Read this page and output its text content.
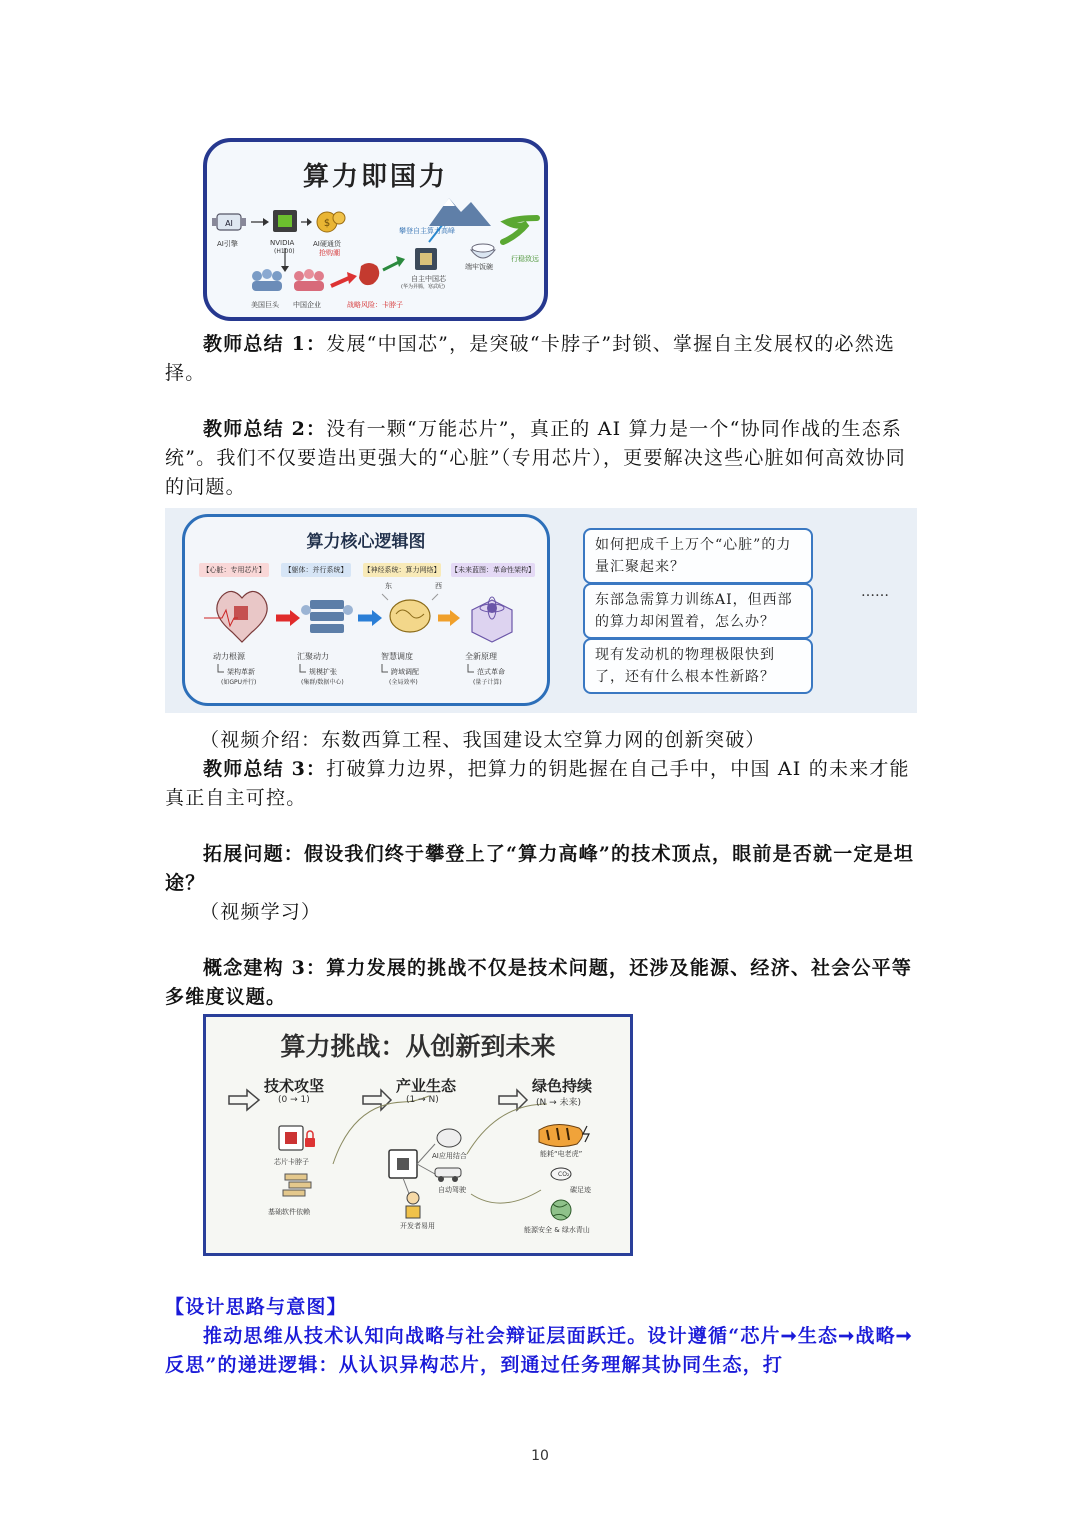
算力即国力
AI	$
AI引擎	NVIDIA
(H100)
AI硬通货
抢购潮
美国巨头 中国企业	战略风险：卡脖子
自主中国芯
(华为昇腾，寒武纪)
攀登自主算力高峰
端牢饭碗
行稳致远

教师总结 1：发展“中国芯”，是突破“卡脖子”封锁、掌握自主发展权的必然选择。

教师总结 2：没有一颗“万能芯片”，真正的 AI 算力是一个“协同作战的生态系统”。我们不仅要造出更强大的“心脏”（专用芯片），更要解决这些心脏如何高效协同的问题。

算力核心逻辑图
【心脏：专用芯片】	【躯体：并行系统】	【神经系统：算力网络】 【未来蓝图：革命性架构】
动力根源	汇聚动力	智慧调度	全新原理
架构革新	规模扩张	跨域调配	范式革命
(如GPU并行)	(集群/数据中心)	(全局效率)	(量子计算)
东	西
如何把成千上万个“心脏”的力量汇聚起来？
东部急需算力训练AI，但西部的算力却闲置着，怎么办？
现有发动机的物理极限快到了，还有什么根本性新路？
……

（视频介绍：东数西算工程、我国建设太空算力网的创新突破）

教师总结 3：打破算力边界，把算力的钥匙握在自己手中，中国 AI 的未来才能真正自主可控。

拓展问题：假设我们终于攀登上了“算力高峰”的技术顶点，眼前是否就一定是坦途？

（视频学习）

概念建构 3：算力发展的挑战不仅是技术问题，还涉及能源、经济、社会公平等多维度议题。

算力挑战：从创新到未来
技术攻坚
(0 → 1)
产业生态
(1 → N)
绿色持续
(N → 未来)
芯片卡脖子
基础软件依赖
AI应用结合
自动驾驶
开发者易用
能耗“电老虎”
CO₂
碳足迹
能源安全 & 绿水青山

【设计思路与意图】

推动思维从技术认知向战略与社会辩证层面跃迁。设计遵循“芯片➞生态➞战略➞反思”的递进逻辑：从认识异构芯片，到通过任务理解其协同生态，打

10
